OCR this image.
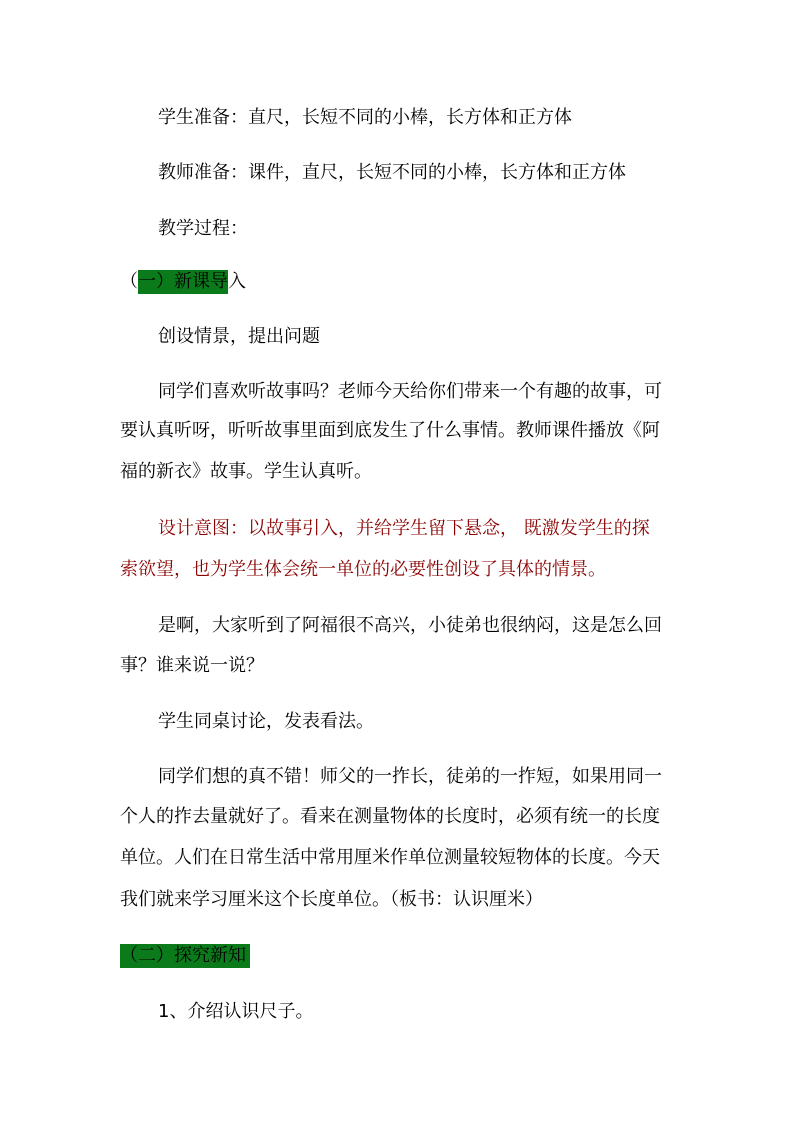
学生准备：直尺，长短不同的小棒，长方体和正方体
教师准备：课件，直尺，长短不同的小棒，长方体和正方体
教学过程：
（一）新课导入
创设情景，提出问题
同学们喜欢听故事吗？老师今天给你们带来一个有趣的故事，可
要认真听呀，听听故事里面到底发生了什么事情。教师课件播放《阿
福的新衣》故事。学生认真听。
设计意图：以故事引入，并给学生留下悬念， 既激发学生的探
索欲望，也为学生体会统一单位的必要性创设了具体的情景。
是啊，大家听到了阿福很不高兴，小徒弟也很纳闷，这是怎么回
事？谁来说一说？
学生同桌讨论，发表看法。
同学们想的真不错！师父的一拃长，徒弟的一拃短，如果用同一
个人的拃去量就好了。看来在测量物体的长度时，必须有统一的长度
单位。人们在日常生活中常用厘米作单位测量较短物体的长度。今天
我们就来学习厘米这个长度单位。（板书：认识厘米）
（二）探究新知
1、介绍认识尺子。
